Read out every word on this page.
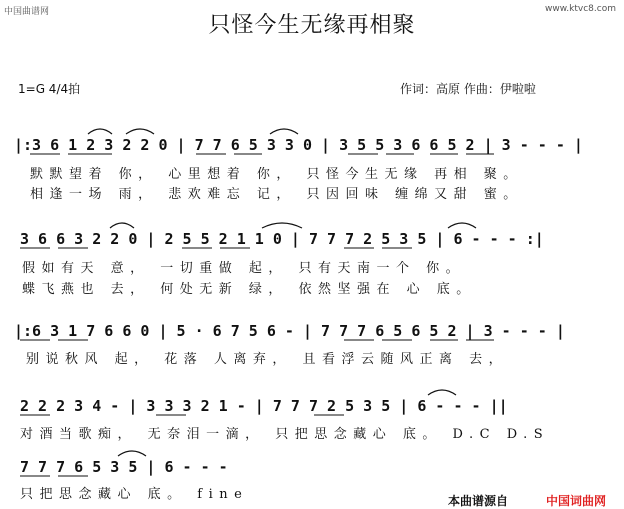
中国曲谱网	www.ktvc8.com
只怪今生无缘再相聚
1=G 4/4拍	作词：高原 作曲：伊啦啦
|:3 6 1 2 3 2 2 0 | 7 7 6 5 3 3 0 | 3 5 5 3 6 6 5 2 | 3 - - - |
默默望着 你， 心里想着 你， 只怪今生无缘 再相 聚。
相逢一场 雨， 悲欢难忘 记， 只因回味 缠绵又甜 蜜。
3 6 6 3 2 2 0 | 2 5 5 2 1 1 0 | 7 7 7 2 5 3 5 | 6 - - - :|
假如有天 意， 一切重做 起， 只有天南一个 你。
蝶飞燕也 去， 何处无新 绿， 依然坚强在 心 底。
|:6 3 1 7 6 6 0 | 5 · 6 7 5 6 - | 7 7 7 6 5 6 5 2 | 3 - - - |
别说秋风 起， 花落 人离弃， 且看浮云随风正离 去，
2 2 2 3 4 - | 3 3 3 2 1 - | 7 7 7 2 5 3 5 | 6 - - - ||
对酒当歌痴， 无奈泪一滴， 只把思念藏心 底。 D.C D.S
7 7 7 6 5 3 5 | 6 - - -
只把思念藏心 底。 fine	本曲谱源自	中国词曲网
